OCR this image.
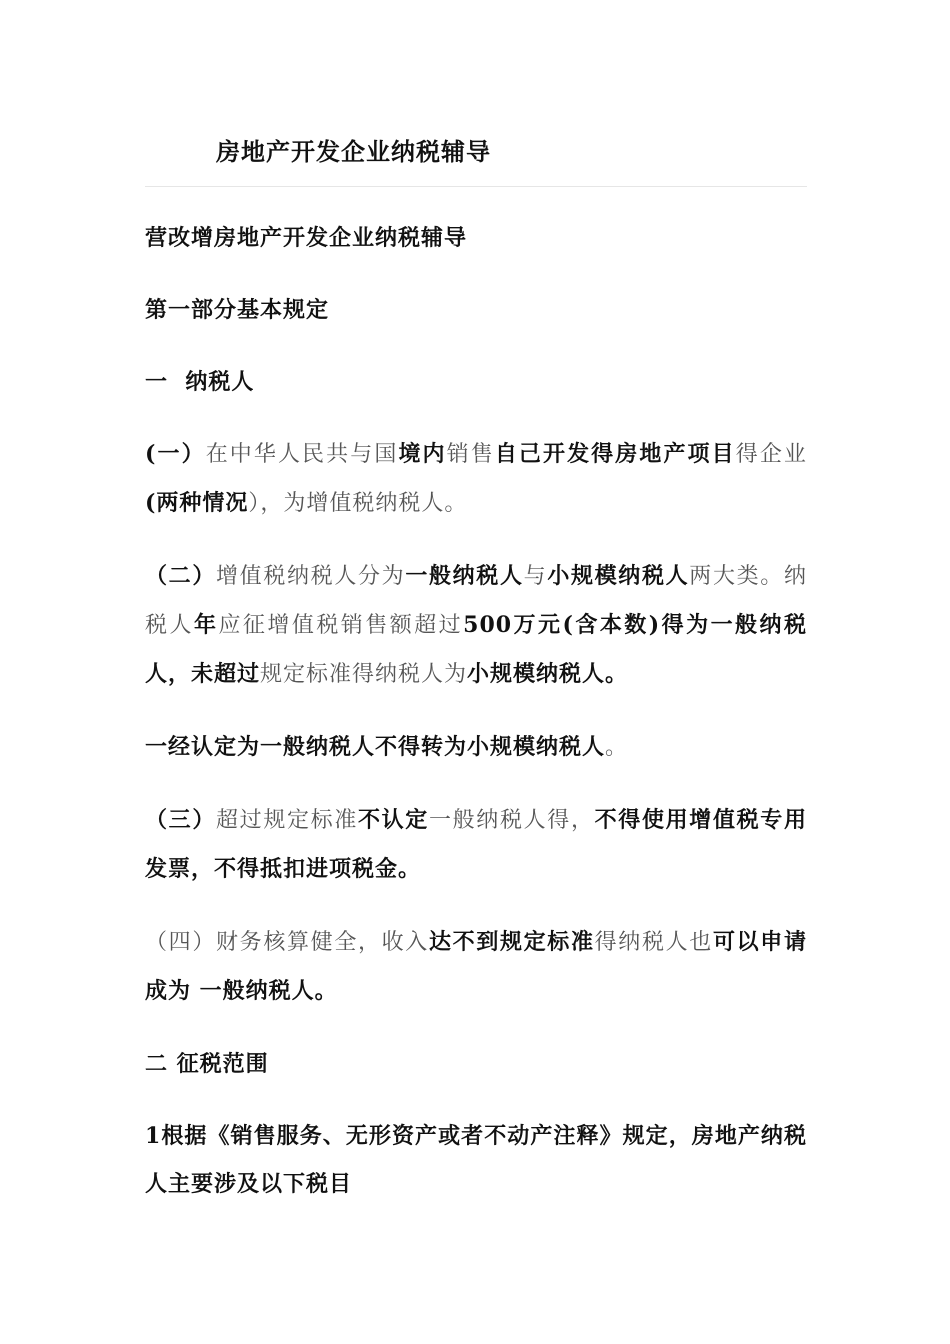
房地产开发企业纳税辅导

营改增房地产开发企业纳税辅导

第一部分基本规定

一  纳税人

(一）在中华人民共与国境内销售自己开发得房地产项目得企业(两种情况），为增值税纳税人。

（二）增值税纳税人分为一般纳税人与小规模纳税人两大类。纳税人年应征增值税销售额超过500万元(含本数)得为一般纳税人，未超过规定标准得纳税人为小规模纳税人。

一经认定为一般纳税人不得转为小规模纳税人。

（三）超过规定标准不认定一般纳税人得，不得使用增值税专用发票，不得抵扣进项税金。

（四）财务核算健全，收入达不到规定标准得纳税人也可以申请成为 一般纳税人。

二 征税范围

1根据《销售服务、无形资产或者不动产注释》规定，房地产纳税人主要涉及以下税目
